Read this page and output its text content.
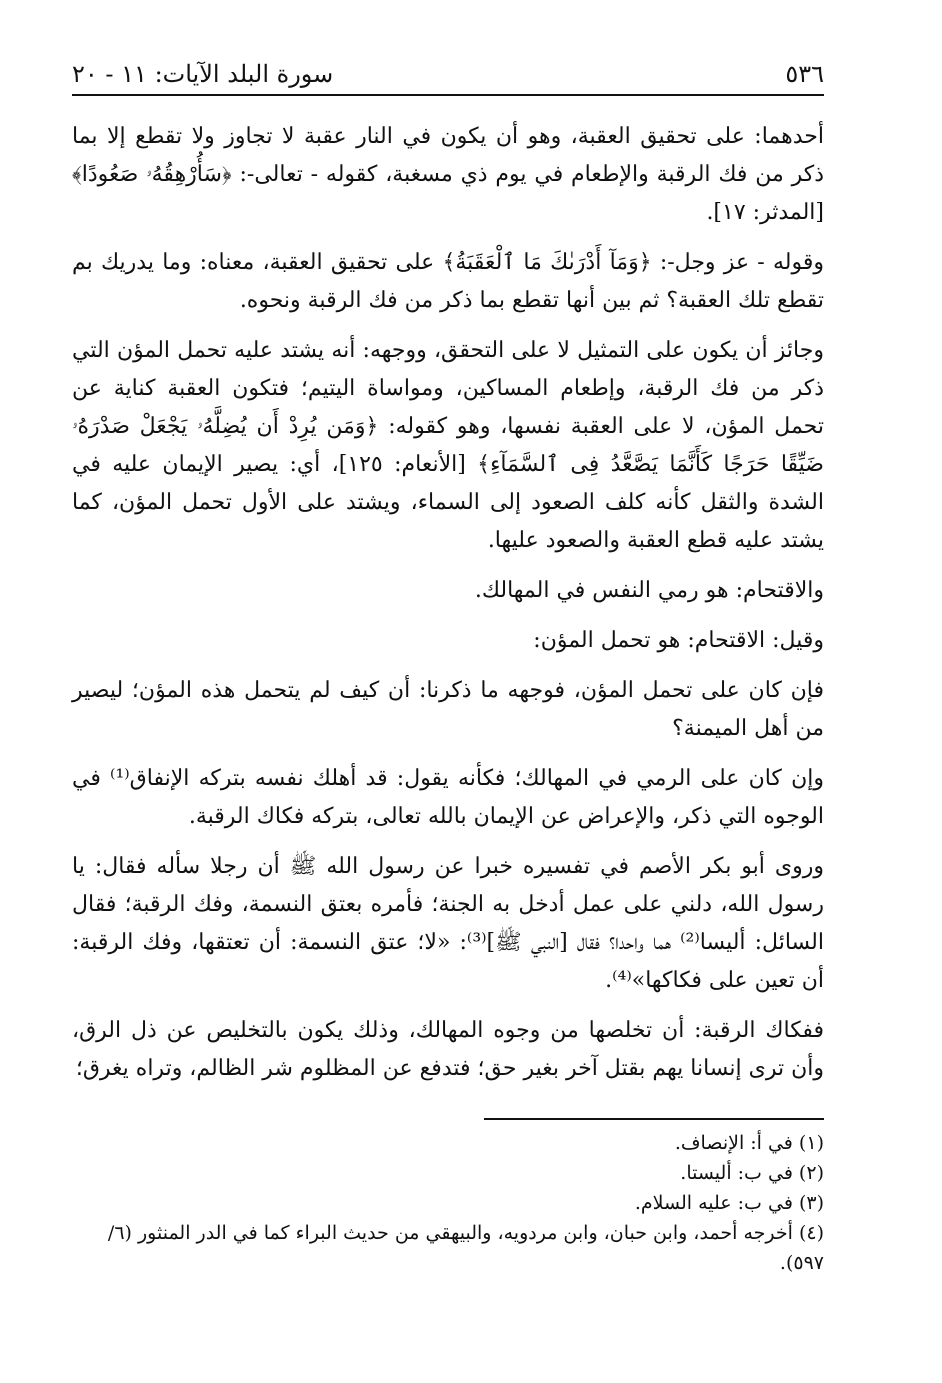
٥٣٦
سورة البلد الآيات: ١١ - ٢٠

أحدهما: على تحقيق العقبة، وهو أن يكون في النار عقبة لا تجاوز ولا تقطع إلا بما ذكر من فك الرقبة والإطعام في يوم ذي مسغبة، كقوله - تعالى-: ﴿سَأُرْهِقُهُۥ صَعُودًا﴾ [المدثر: ١٧].

وقوله - عز وجل-: ﴿وَمَآ أَدْرَىٰكَ مَا ٱلْعَقَبَةُ﴾ على تحقيق العقبة، معناه: وما يدريك بم تقطع تلك العقبة؟ ثم بين أنها تقطع بما ذكر من فك الرقبة ونحوه.

وجائز أن يكون على التمثيل لا على التحقق، ووجهه: أنه يشتد عليه تحمل المؤن التي ذكر من فك الرقبة، وإطعام المساكين، ومواساة اليتيم؛ فتكون العقبة كناية عن تحمل المؤن، لا على العقبة نفسها، وهو كقوله: ﴿وَمَن يُرِدْ أَن يُضِلَّهُۥ يَجْعَلْ صَدْرَهُۥ ضَيِّقًا حَرَجًا كَأَنَّمَا يَصَّعَّدُ فِى ٱلسَّمَآءِ﴾ [الأنعام: ١٢٥]، أي: يصير الإيمان عليه في الشدة والثقل كأنه كلف الصعود إلى السماء، ويشتد على الأول تحمل المؤن، كما يشتد عليه قطع العقبة والصعود عليها.

والاقتحام: هو رمي النفس في المهالك.

وقيل: الاقتحام: هو تحمل المؤن:

فإن كان على تحمل المؤن، فوجهه ما ذكرنا: أن كيف لم يتحمل هذه المؤن؛ ليصير من أهل الميمنة؟

وإن كان على الرمي في المهالك؛ فكأنه يقول: قد أهلك نفسه بتركه الإنفاق⁽¹⁾ في الوجوه التي ذكر، والإعراض عن الإيمان بالله تعالى، بتركه فكاك الرقبة.

وروى أبو بكر الأصم في تفسيره خبرا عن رسول الله ﷺ أن رجلا سأله فقال: يا رسول الله، دلني على عمل أدخل به الجنة؛ فأمره بعتق النسمة، وفك الرقبة؛ فقال السائل: أليسا⁽²⁾ هما واحدا؟ فقال [النبي ﷺ]⁽³⁾: «لا؛ عتق النسمة: أن تعتقها، وفك الرقبة: أن تعين على فكاكها»⁽⁴⁾.

ففكاك الرقبة: أن تخلصها من وجوه المهالك، وذلك يكون بالتخليص عن ذل الرق، وأن ترى إنسانا يهم بقتل آخر بغير حق؛ فتدفع عن المظلوم شر الظالم، وتراه يغرق؛

(١) في أ: الإنصاف.
(٢) في ب: أليستا.
(٣) في ب: عليه السلام.
(٤) أخرجه أحمد، وابن حبان، وابن مردويه، والبيهقي من حديث البراء كما في الدر المنثور (٦/ ٥٩٧).
